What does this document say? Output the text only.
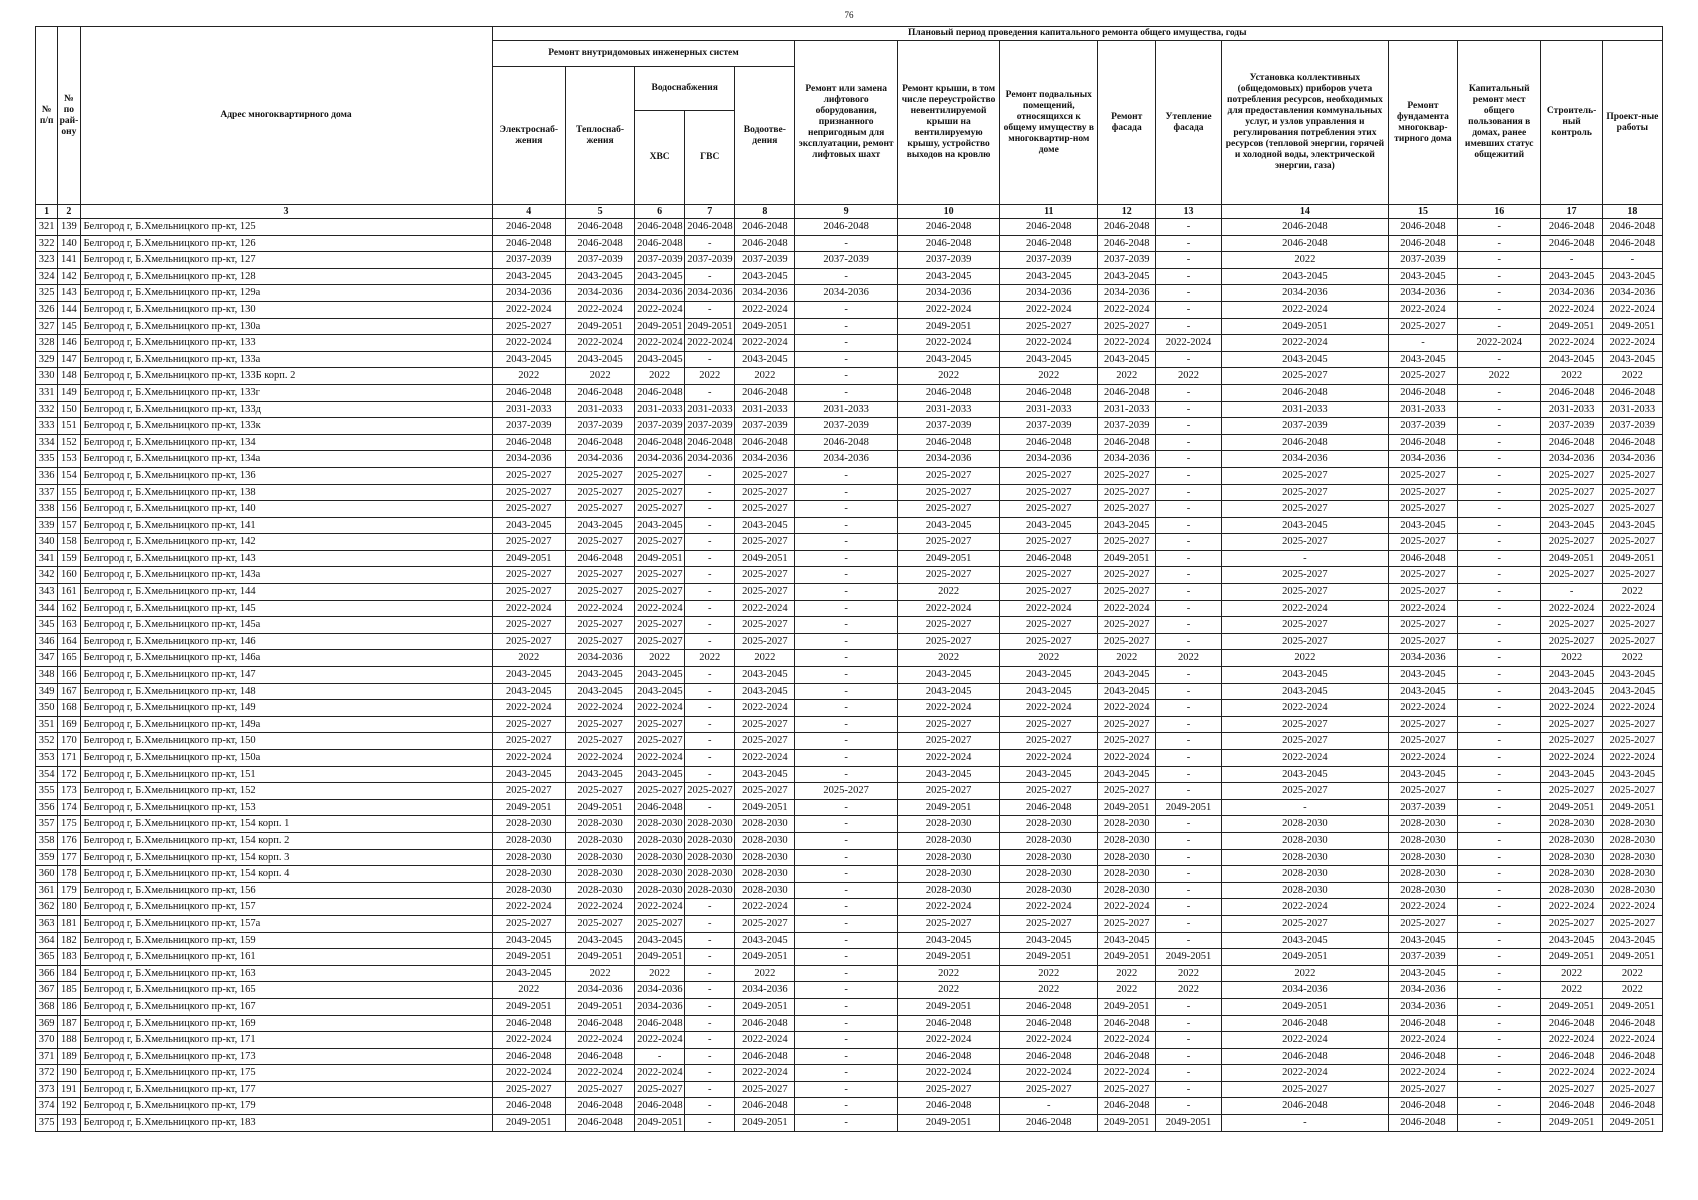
76
№ п/п	№ по рай-ону	Адрес многоквартирного дома	Плановый период проведения капитального ремонта общего имущества, годы														
			Ремонт внутридомовых инженерных систем					Ремонт или замена лифтового оборудования, признанного непригодным для эксплуатации, ремонт лифтовых шахт	Ремонт крыши, в том числе переустройство невентилируемой крыши на вентилируемую крышу, устройство выходов на кровлю	Ремонт подвальных помещений, относящихся к общему имуществу в многоквартир-ном доме	Ремонт фасада	Утепление фасада	Установка коллективных (общедомовых) приборов учета потребления ресурсов, необходимых для предоставления коммунальных услуг, и узлов управления и регулирования потребления этих ресурсов (тепловой энергии, горячей и холодной воды, электрической энергии, газа)	Ремонт фундамента многоквар-тирного дома	Капитальный ремонт мест общего пользования в домах, ранее имевших статус общежитий	Строитель-ный контроль	Проект-ные работы
			Электроснаб-жения	Теплоснаб-жения	Водоснабжения		Водоотве-дения										
					ХВС	ГВС											
1	2	3	4	5	6	7	8	9	10	11	12	13	14	15	16	17	18
321	139	Белгород г, Б.Хмельницкого пр-кт, 125	2046-2048	2046-2048	2046-2048	2046-2048	2046-2048	2046-2048	2046-2048	2046-2048	2046-2048	-	2046-2048	2046-2048	-	2046-2048	2046-2048
322	140	Белгород г, Б.Хмельницкого пр-кт, 126	2046-2048	2046-2048	2046-2048	-	2046-2048	-	2046-2048	2046-2048	2046-2048	-	2046-2048	2046-2048	-	2046-2048	2046-2048
323	141	Белгород г, Б.Хмельницкого пр-кт, 127	2037-2039	2037-2039	2037-2039	2037-2039	2037-2039	2037-2039	2037-2039	2037-2039	2037-2039	-	2022	2037-2039	-	-	-
324	142	Белгород г, Б.Хмельницкого пр-кт, 128	2043-2045	2043-2045	2043-2045	-	2043-2045	-	2043-2045	2043-2045	2043-2045	-	2043-2045	2043-2045	-	2043-2045	2043-2045
325	143	Белгород г, Б.Хмельницкого пр-кт, 129а	2034-2036	2034-2036	2034-2036	2034-2036	2034-2036	2034-2036	2034-2036	2034-2036	2034-2036	-	2034-2036	2034-2036	-	2034-2036	2034-2036
326	144	Белгород г, Б.Хмельницкого пр-кт, 130	2022-2024	2022-2024	2022-2024	-	2022-2024	-	2022-2024	2022-2024	2022-2024	-	2022-2024	2022-2024	-	2022-2024	2022-2024
327	145	Белгород г, Б.Хмельницкого пр-кт, 130а	2025-2027	2049-2051	2049-2051	2049-2051	2049-2051	-	2049-2051	2025-2027	2025-2027	-	2049-2051	2025-2027	-	2049-2051	2049-2051
328	146	Белгород г, Б.Хмельницкого пр-кт, 133	2022-2024	2022-2024	2022-2024	2022-2024	2022-2024	-	2022-2024	2022-2024	2022-2024	2022-2024	2022-2024	-	2022-2024	2022-2024	2022-2024
329	147	Белгород г, Б.Хмельницкого пр-кт, 133а	2043-2045	2043-2045	2043-2045	-	2043-2045	-	2043-2045	2043-2045	2043-2045	-	2043-2045	2043-2045	-	2043-2045	2043-2045
330	148	Белгород г, Б.Хмельницкого пр-кт, 133Б корп. 2	2022	2022	2022	2022	2022	-	2022	2022	2022	2022	2025-2027	2025-2027	2022	2022	2022
331	149	Белгород г, Б.Хмельницкого пр-кт, 133г	2046-2048	2046-2048	2046-2048	-	2046-2048	-	2046-2048	2046-2048	2046-2048	-	2046-2048	2046-2048	-	2046-2048	2046-2048
332	150	Белгород г, Б.Хмельницкого пр-кт, 133д	2031-2033	2031-2033	2031-2033	2031-2033	2031-2033	2031-2033	2031-2033	2031-2033	2031-2033	-	2031-2033	2031-2033	-	2031-2033	2031-2033
333	151	Белгород г, Б.Хмельницкого пр-кт, 133к	2037-2039	2037-2039	2037-2039	2037-2039	2037-2039	2037-2039	2037-2039	2037-2039	2037-2039	-	2037-2039	2037-2039	-	2037-2039	2037-2039
334	152	Белгород г, Б.Хмельницкого пр-кт, 134	2046-2048	2046-2048	2046-2048	2046-2048	2046-2048	2046-2048	2046-2048	2046-2048	2046-2048	-	2046-2048	2046-2048	-	2046-2048	2046-2048
335	153	Белгород г, Б.Хмельницкого пр-кт, 134а	2034-2036	2034-2036	2034-2036	2034-2036	2034-2036	2034-2036	2034-2036	2034-2036	2034-2036	-	2034-2036	2034-2036	-	2034-2036	2034-2036
336	154	Белгород г, Б.Хмельницкого пр-кт, 136	2025-2027	2025-2027	2025-2027	-	2025-2027	-	2025-2027	2025-2027	2025-2027	-	2025-2027	2025-2027	-	2025-2027	2025-2027
337	155	Белгород г, Б.Хмельницкого пр-кт, 138	2025-2027	2025-2027	2025-2027	-	2025-2027	-	2025-2027	2025-2027	2025-2027	-	2025-2027	2025-2027	-	2025-2027	2025-2027
338	156	Белгород г, Б.Хмельницкого пр-кт, 140	2025-2027	2025-2027	2025-2027	-	2025-2027	-	2025-2027	2025-2027	2025-2027	-	2025-2027	2025-2027	-	2025-2027	2025-2027
339	157	Белгород г, Б.Хмельницкого пр-кт, 141	2043-2045	2043-2045	2043-2045	-	2043-2045	-	2043-2045	2043-2045	2043-2045	-	2043-2045	2043-2045	-	2043-2045	2043-2045
340	158	Белгород г, Б.Хмельницкого пр-кт, 142	2025-2027	2025-2027	2025-2027	-	2025-2027	-	2025-2027	2025-2027	2025-2027	-	2025-2027	2025-2027	-	2025-2027	2025-2027
341	159	Белгород г, Б.Хмельницкого пр-кт, 143	2049-2051	2046-2048	2049-2051	-	2049-2051	-	2049-2051	2046-2048	2049-2051	-	-	2046-2048	-	2049-2051	2049-2051
342	160	Белгород г, Б.Хмельницкого пр-кт, 143а	2025-2027	2025-2027	2025-2027	-	2025-2027	-	2025-2027	2025-2027	2025-2027	-	2025-2027	2025-2027	-	2025-2027	2025-2027
343	161	Белгород г, Б.Хмельницкого пр-кт, 144	2025-2027	2025-2027	2025-2027	-	2025-2027	-	2022	2025-2027	2025-2027	-	2025-2027	2025-2027	-	-	2022
344	162	Белгород г, Б.Хмельницкого пр-кт, 145	2022-2024	2022-2024	2022-2024	-	2022-2024	-	2022-2024	2022-2024	2022-2024	-	2022-2024	2022-2024	-	2022-2024	2022-2024
345	163	Белгород г, Б.Хмельницкого пр-кт, 145а	2025-2027	2025-2027	2025-2027	-	2025-2027	-	2025-2027	2025-2027	2025-2027	-	2025-2027	2025-2027	-	2025-2027	2025-2027
346	164	Белгород г, Б.Хмельницкого пр-кт, 146	2025-2027	2025-2027	2025-2027	-	2025-2027	-	2025-2027	2025-2027	2025-2027	-	2025-2027	2025-2027	-	2025-2027	2025-2027
347	165	Белгород г, Б.Хмельницкого пр-кт, 146а	2022	2034-2036	2022	2022	2022	-	2022	2022	2022	2022	2022	2034-2036	-	2022	2022
348	166	Белгород г, Б.Хмельницкого пр-кт, 147	2043-2045	2043-2045	2043-2045	-	2043-2045	-	2043-2045	2043-2045	2043-2045	-	2043-2045	2043-2045	-	2043-2045	2043-2045
349	167	Белгород г, Б.Хмельницкого пр-кт, 148	2043-2045	2043-2045	2043-2045	-	2043-2045	-	2043-2045	2043-2045	2043-2045	-	2043-2045	2043-2045	-	2043-2045	2043-2045
350	168	Белгород г, Б.Хмельницкого пр-кт, 149	2022-2024	2022-2024	2022-2024	-	2022-2024	-	2022-2024	2022-2024	2022-2024	-	2022-2024	2022-2024	-	2022-2024	2022-2024
351	169	Белгород г, Б.Хмельницкого пр-кт, 149а	2025-2027	2025-2027	2025-2027	-	2025-2027	-	2025-2027	2025-2027	2025-2027	-	2025-2027	2025-2027	-	2025-2027	2025-2027
352	170	Белгород г, Б.Хмельницкого пр-кт, 150	2025-2027	2025-2027	2025-2027	-	2025-2027	-	2025-2027	2025-2027	2025-2027	-	2025-2027	2025-2027	-	2025-2027	2025-2027
353	171	Белгород г, Б.Хмельницкого пр-кт, 150а	2022-2024	2022-2024	2022-2024	-	2022-2024	-	2022-2024	2022-2024	2022-2024	-	2022-2024	2022-2024	-	2022-2024	2022-2024
354	172	Белгород г, Б.Хмельницкого пр-кт, 151	2043-2045	2043-2045	2043-2045	-	2043-2045	-	2043-2045	2043-2045	2043-2045	-	2043-2045	2043-2045	-	2043-2045	2043-2045
355	173	Белгород г, Б.Хмельницкого пр-кт, 152	2025-2027	2025-2027	2025-2027	2025-2027	2025-2027	2025-2027	2025-2027	2025-2027	2025-2027	-	2025-2027	2025-2027	-	2025-2027	2025-2027
356	174	Белгород г, Б.Хмельницкого пр-кт, 153	2049-2051	2049-2051	2046-2048	-	2049-2051	-	2049-2051	2046-2048	2049-2051	2049-2051	-	2037-2039	-	2049-2051	2049-2051
357	175	Белгород г, Б.Хмельницкого пр-кт, 154 корп. 1	2028-2030	2028-2030	2028-2030	2028-2030	2028-2030	-	2028-2030	2028-2030	2028-2030	-	2028-2030	2028-2030	-	2028-2030	2028-2030
358	176	Белгород г, Б.Хмельницкого пр-кт, 154 корп. 2	2028-2030	2028-2030	2028-2030	2028-2030	2028-2030	-	2028-2030	2028-2030	2028-2030	-	2028-2030	2028-2030	-	2028-2030	2028-2030
359	177	Белгород г, Б.Хмельницкого пр-кт, 154 корп. 3	2028-2030	2028-2030	2028-2030	2028-2030	2028-2030	-	2028-2030	2028-2030	2028-2030	-	2028-2030	2028-2030	-	2028-2030	2028-2030
360	178	Белгород г, Б.Хмельницкого пр-кт, 154 корп. 4	2028-2030	2028-2030	2028-2030	2028-2030	2028-2030	-	2028-2030	2028-2030	2028-2030	-	2028-2030	2028-2030	-	2028-2030	2028-2030
361	179	Белгород г, Б.Хмельницкого пр-кт, 156	2028-2030	2028-2030	2028-2030	2028-2030	2028-2030	-	2028-2030	2028-2030	2028-2030	-	2028-2030	2028-2030	-	2028-2030	2028-2030
362	180	Белгород г, Б.Хмельницкого пр-кт, 157	2022-2024	2022-2024	2022-2024	-	2022-2024	-	2022-2024	2022-2024	2022-2024	-	2022-2024	2022-2024	-	2022-2024	2022-2024
363	181	Белгород г, Б.Хмельницкого пр-кт, 157а	2025-2027	2025-2027	2025-2027	-	2025-2027	-	2025-2027	2025-2027	2025-2027	-	2025-2027	2025-2027	-	2025-2027	2025-2027
364	182	Белгород г, Б.Хмельницкого пр-кт, 159	2043-2045	2043-2045	2043-2045	-	2043-2045	-	2043-2045	2043-2045	2043-2045	-	2043-2045	2043-2045	-	2043-2045	2043-2045
365	183	Белгород г, Б.Хмельницкого пр-кт, 161	2049-2051	2049-2051	2049-2051	-	2049-2051	-	2049-2051	2049-2051	2049-2051	2049-2051	2049-2051	2037-2039	-	2049-2051	2049-2051
366	184	Белгород г, Б.Хмельницкого пр-кт, 163	2043-2045	2022	2022	-	2022	-	2022	2022	2022	2022	2022	2043-2045	-	2022	2022
367	185	Белгород г, Б.Хмельницкого пр-кт, 165	2022	2034-2036	2034-2036	-	2034-2036	-	2022	2022	2022	2022	2034-2036	2034-2036	-	2022	2022
368	186	Белгород г, Б.Хмельницкого пр-кт, 167	2049-2051	2049-2051	2034-2036	-	2049-2051	-	2049-2051	2046-2048	2049-2051	-	2049-2051	2034-2036	-	2049-2051	2049-2051
369	187	Белгород г, Б.Хмельницкого пр-кт, 169	2046-2048	2046-2048	2046-2048	-	2046-2048	-	2046-2048	2046-2048	2046-2048	-	2046-2048	2046-2048	-	2046-2048	2046-2048
370	188	Белгород г, Б.Хмельницкого пр-кт, 171	2022-2024	2022-2024	2022-2024	-	2022-2024	-	2022-2024	2022-2024	2022-2024	-	2022-2024	2022-2024	-	2022-2024	2022-2024
371	189	Белгород г, Б.Хмельницкого пр-кт, 173	2046-2048	2046-2048	-	-	2046-2048	-	2046-2048	2046-2048	2046-2048	-	2046-2048	2046-2048	-	2046-2048	2046-2048
372	190	Белгород г, Б.Хмельницкого пр-кт, 175	2022-2024	2022-2024	2022-2024	-	2022-2024	-	2022-2024	2022-2024	2022-2024	-	2022-2024	2022-2024	-	2022-2024	2022-2024
373	191	Белгород г, Б.Хмельницкого пр-кт, 177	2025-2027	2025-2027	2025-2027	-	2025-2027	-	2025-2027	2025-2027	2025-2027	-	2025-2027	2025-2027	-	2025-2027	2025-2027
374	192	Белгород г, Б.Хмельницкого пр-кт, 179	2046-2048	2046-2048	2046-2048	-	2046-2048	-	2046-2048	-	2046-2048	-	2046-2048	2046-2048	-	2046-2048	2046-2048
375	193	Белгород г, Б.Хмельницкого пр-кт, 183	2049-2051	2046-2048	2049-2051	-	2049-2051	-	2049-2051	2046-2048	2049-2051	2049-2051	-	2046-2048	-	2049-2051	2049-2051
